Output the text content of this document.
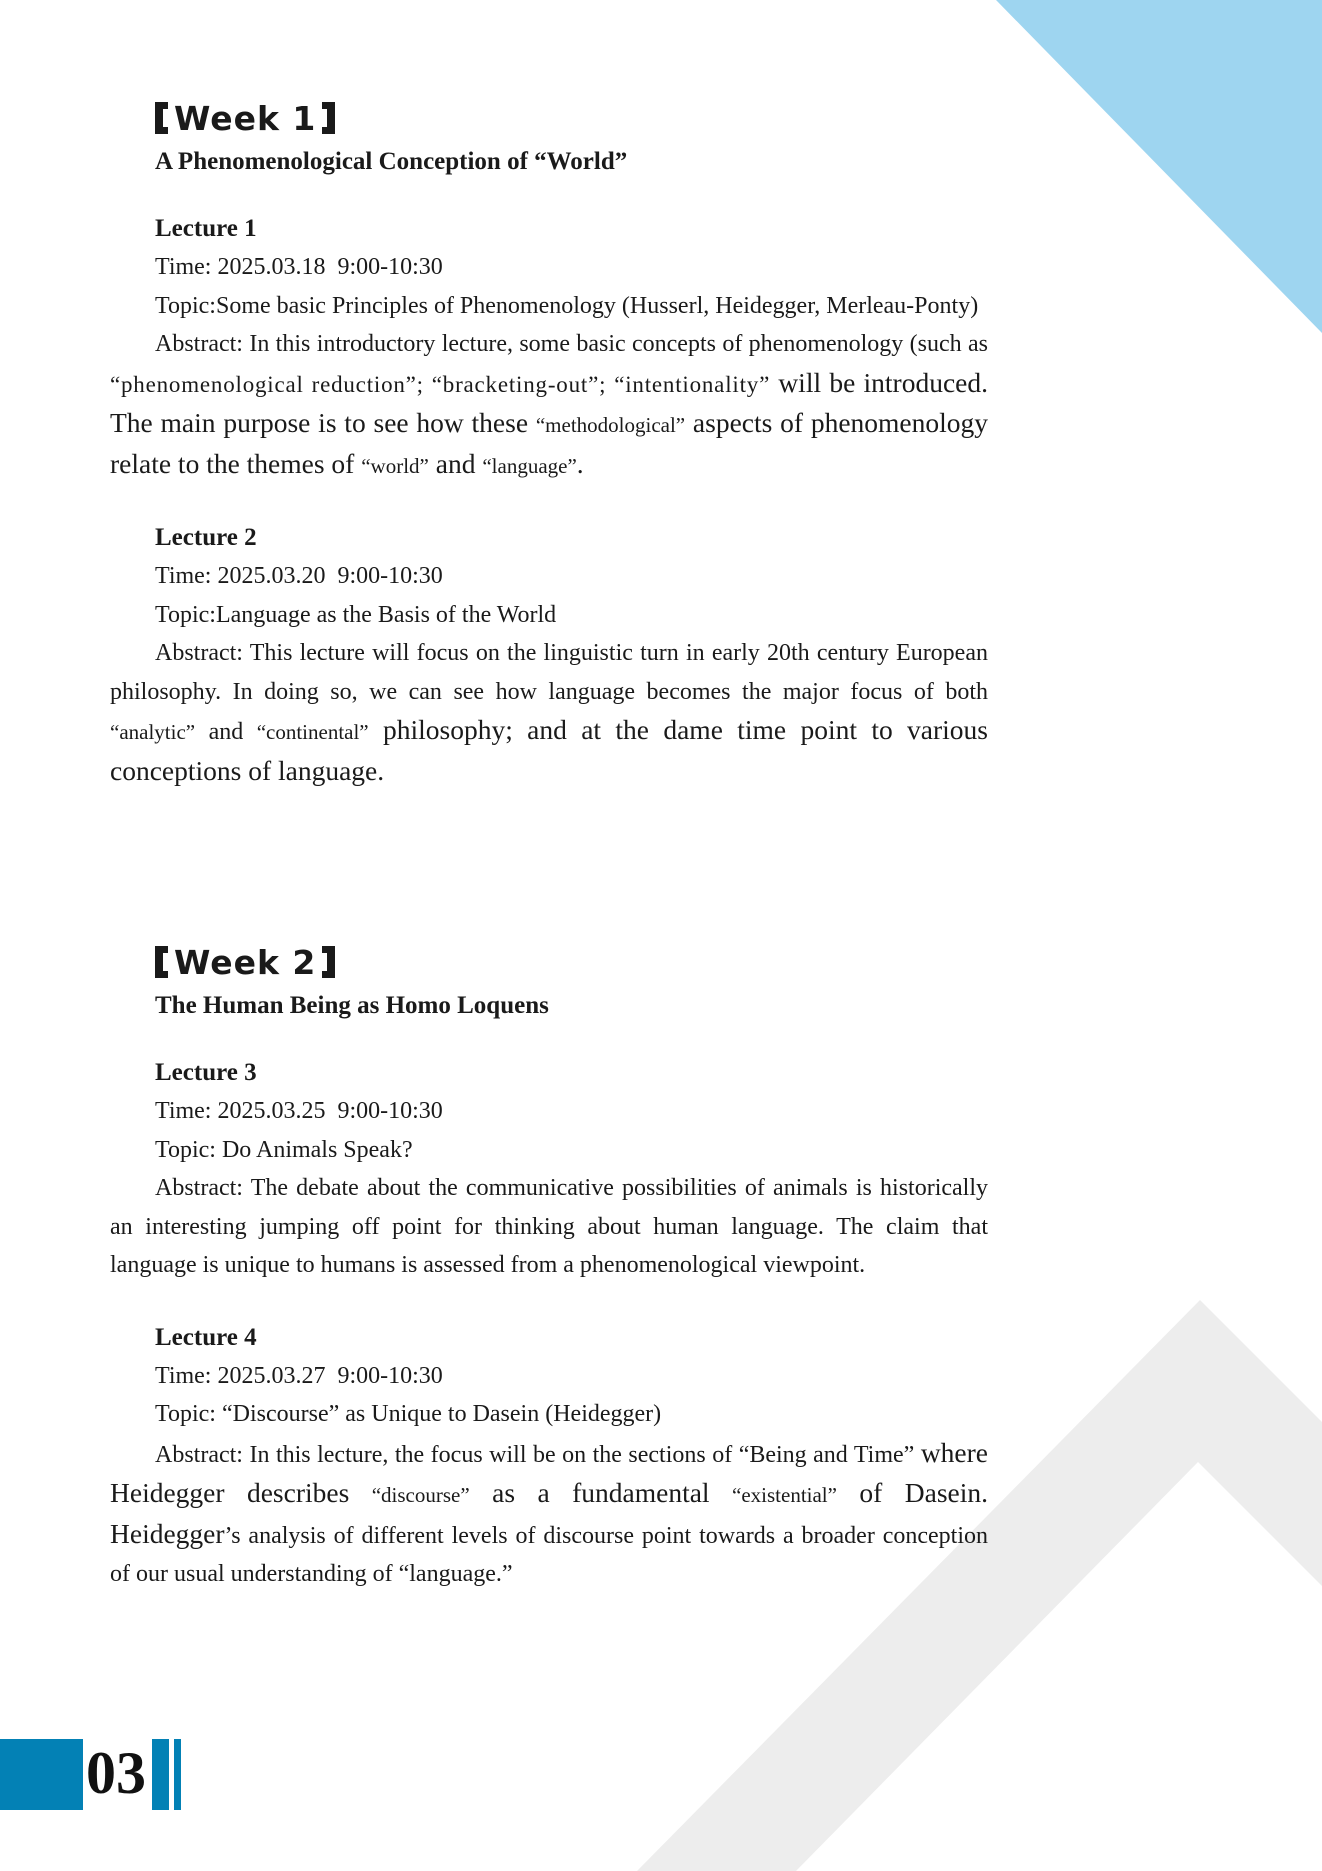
Week 1
A Phenomenological Conception of “World”
Lecture 1

Time: 2025.03.18  9:00-10:30

Topic:Some basic Principles of Phenomenology (Husserl, Heidegger, Merleau-Ponty)

Abstract: In this introductory lecture, some basic concepts of phenomenology (such as “phenomenological reduction”; “bracketing-out”; “intentionality” will be introduced. The main purpose is to see how these “methodological” aspects of phenomenology relate to the themes of “world” and “language”.

Lecture 2

Time: 2025.03.20  9:00-10:30

Topic:Language as the Basis of the World

Abstract: This lecture will focus on the linguistic turn in early 20th century European philosophy. In doing so, we can see how language becomes the major focus of both “analytic” and “continental” philosophy; and at the dame time point to various conceptions of language.

Week 2
The Human Being as Homo Loquens
Lecture 3

Time: 2025.03.25  9:00-10:30

Topic: Do Animals Speak?

Abstract: The debate about the communicative possibilities of animals is historically an interesting jumping off point for thinking about human language. The claim that language is unique to humans is assessed from a phenomenological viewpoint.

Lecture 4

Time: 2025.03.27  9:00-10:30

Topic: “Discourse” as Unique to Dasein (Heidegger)

Abstract: In this lecture, the focus will be on the sections of “Being and Time” where Heidegger describes “discourse” as a fundamental “existential” of Dasein. Heidegger’s analysis of different levels of discourse point towards a broader conception of our usual understanding of “language.”

03
